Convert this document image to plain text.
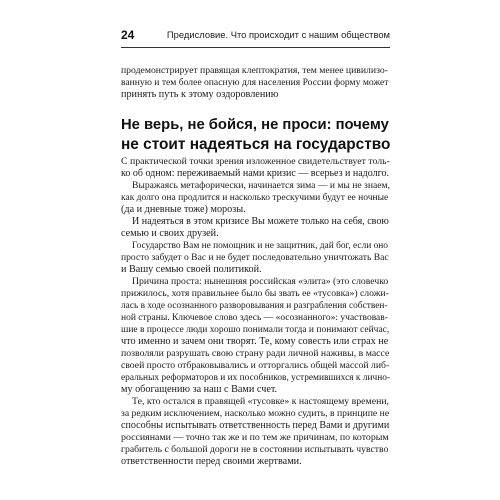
24	Предисловие. Что происходит с нашим обществом
продемонстрирует правящая клептократия, тем менее цивилизо-
ванную и тем более опасную для населения России форму может
принять путь к этому оздоровлению
Не верь, не бойся, не проси: почему
не стоит надеяться на государство
С практической точки зрения изложенное свидетельствует толь-
ко об одном: переживаемый нами кризис — всерьез и надолго.
Выражаясь метафорически, начинается зима — и мы не знаем,
как долго она продлится и насколько трескучими будут ее ночные
(да и дневные тоже) морозы.
И надеяться в этом кризисе Вы можете только на себя, свою
семью и своих друзей.
Государство Вам не помощник и не защитник, дай бог, если оно
просто забудет о Вас и не будет последовательно уничтожать Вас
и Вашу семью своей политикой.
Причина проста: нынешняя российская «элита» (это словечко
прижилось, хотя правильнее было бы звать ее «тусовка») сложи-
лась в ходе осознанного разворовывания и разграбления собствен-
ной страны. Ключевое слово здесь — «осознанного»: участвовав-
шие в процессе люди хорошо понимали тогда и понимают сейчас,
что именно и зачем они творят. Те, кому совесть или страх не
позволяли разрушать свою страну ради личной наживы, в массе
своей просто отбраковывались и отторгались общей массой либ-
еральных реформаторов и их пособников, устремившихся к лично-
му обогащению за наш с Вами счет.
Те, кто остался в правящей «тусовке» к настоящему времени,
за редким исключением, насколько можно судить, в принципе не
способны испытывать ответственность перед Вами и другими
россиянами — точно так же и по тем же причинам, по которым
грабитель с большой дороги не в состоянии испытывать чувство
ответственности перед своими жертвами.
